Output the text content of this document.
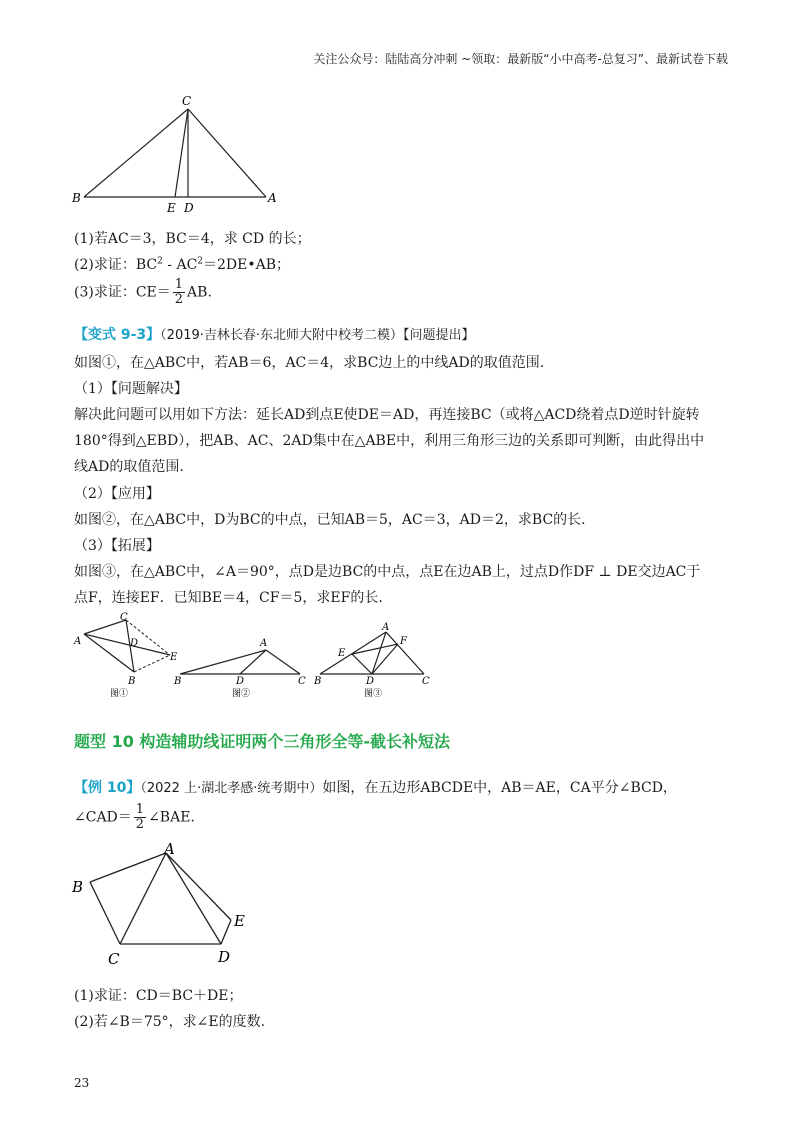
关注公众号：陆陆高分冲刺 ~领取：最新版“小中高考-总复习”、最新试卷下载
C
B	A
E D
(1)若AC＝3，BC＝4，求 CD 的长；
(2)求证：$BC^2$ - $AC^2=2DE•AB$；
(3)求证：$CE= \frac{1}{2}$ AB.
【变式 9-3】（2019·吉林长春·东北师大附中校考二模）【问题提出】
如图①，在△ABC中，若AB＝6，AC＝4，求BC边上的中线AD的取值范围.
（1）【问题解决】
解决此问题可以用如下方法：延长AD到点E使DE＝AD，再连接BC（或将△ACD绕着点D逆时针旋转
180°得到△EBD），把AB、AC、2AD集中在△ABE中，利用三角形三边的关系即可判断，由此得出中
线AD的取值范围.
（2）【应用】
如图②，在△ABC中，D为BC的中点，已知AB＝5，AC＝3，AD＝2，求BC的长.
（3）【拓展】
如图③，在△ABC中，∠A＝90°，点D是边BC的中点，点E在边AB上，过点D作DF ⊥ DE交边AC于
点F，连接EF．已知BE＝4，CF＝5，求EF的长.
A
C
D
E
B
图①
A
B	D	C
图②
A
F
E
B	D	C
图③
题型 10 构造辅助线证明两个三角形全等-截长补短法
【例 10】（2022 上·湖北孝感·统考期中）如图，在五边形ABCDE中，AB＝AE，CA平分∠BCD，
∠CAD＝ $\frac{1}{2}$ ∠BAE.
A
B
C	D
E
(1)求证：CD＝BC＋DE；
(2)若∠B＝75°，求∠E的度数.
23
